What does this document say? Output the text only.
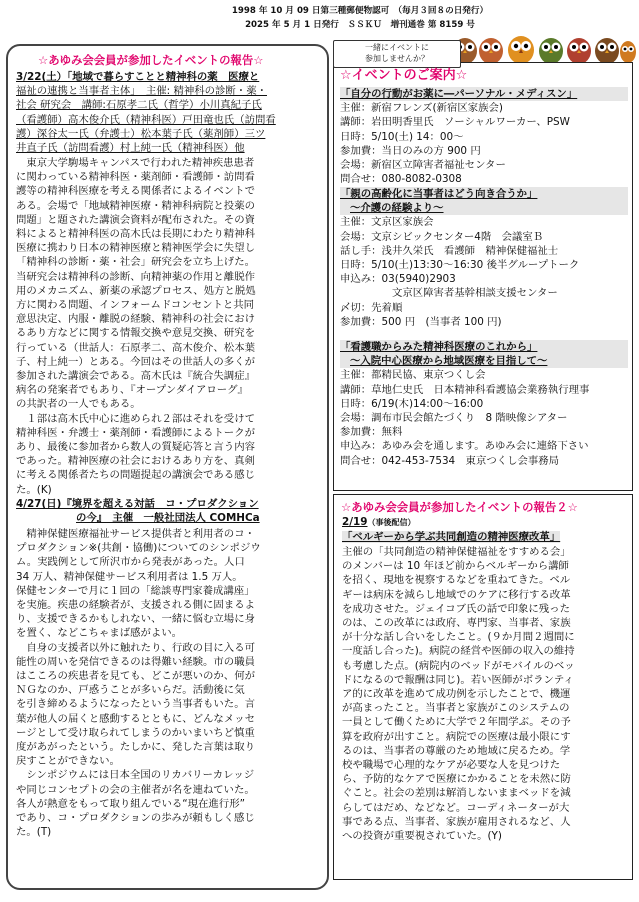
1998 年 10 月 09 日第三種郵便物認可　（毎月３回８の日発行）
2025 年 5 月 1 日発行　ＳＳＫＵ　増刊通巻 第 8159 号
☆あゆみ会会員が参加したイベントの報告☆
3/22(土）「地域で暮らすことと精神科の薬　医療と
福祉の連携と当事者主体」　主催: 精神科の診断・薬・
社会 研究会　講師:石原孝二氏（哲学）小川真紀子氏
（看護師）高木俊介氏（精神科医）戸田竜也氏（訪問看
護）深谷太一氏（弁護士）松本葉子氏（薬剤師）三ツ
井直子氏（訪問看護）村上純一氏（精神科医）他
　東京大学駒場キャンパスで行われた精神疾患患者
に関わっている精神科医・薬剤師・看護師・訪問看
護等の精神科医療を考える関係者によるイベントで
ある。会場で「地域精神医療・精神科病院と投薬の
問題」と題された講演会資料が配布された。その資
料によると精神科医の高木氏は長期にわたり精神科
医療に携わり日本の精神医療と精神医学会に失望し
「精神科の診断・薬・社会」研究会を立ち上げた。
当研究会は精神科の診断、向精神薬の作用と離脱作
用のメカニズム、新薬の承認プロセス、処方と脱処
方に関わる問題、インフォームドコンセントと共同
意思決定、内服・離脱の経験、精神科の社会におけ
るあり方などに関する情報交換や意見交換、研究を
行っている（世話人：石原孝二、高木俊介、松本葉
子、村上純一）とある。今回はその世話人の多くが
参加された講演会である。高木氏は『統合失調症』
病名の発案者でもあり、『オープンダイアローグ』
の共訳者の一人でもある。
　１部は高木氏中心に進められ２部はそれを受けて
精神科医・弁護士・薬剤師・看護師によるトークが
あり、最後に参加者から数人の質疑応答と言う内容
であった。精神医療の社会におけるあり方を、真剣
に考える関係者たちの問題提起の講演会である感じ
た。(K)
4/27(日)『境界を超える対話　コ・プロダクション
の今』　主催　一般社団法人 COMHCa
　精神保健医療福祉サービス提供者と利用者のコ・
プロダクション※(共創・協働)についてのシンポジウ
ム。実践例として所沢市から発表があった。人口
34 万人、精神保健サービス利用者は 1.5 万人。
保健センターで月に１回の「総談専門家養成講座」
を実施。疾患の経験者が、支援される側に固まるよ
り、支援できるかもしれない、一緒に悩む立場に身
を置く、などこちゃまば感がよい。
　自身の支援者以外に触れたり、行政の目に入る可
能性の周いを発信できるのは得難い経験。市の職員
はこころの疾患者を見ても、どこが悪いのか、何が
ＮＧなのか、戸惑うことが多いらだ。活動後に気
を引き締めるようになったという当事者もいた。言
葉が他人の届くと感動するとともに、どんなメッセ
ージとして受け取られてしまうのかいまいちど慎重
度があがったという。たしかに、発した言葉は取り
戻すことができない。
　シンポジウムには日本全国のリカバリーカレッジ
や同じコンセプトの会の主催者が名を連ねていた。
各人が熱意をもって取り組んでいる“現在進行形”
であり、コ・プロダクションの歩みが頼もしく感じ
た。(T)
一緒にイベントに
参加しませんか？
☆イベントのご案内☆
「自分の行動がお薬に―パーソナル・メディスン」
主催：新宿フレンズ(新宿区家族会)
講師：岩田明香里氏　ソーシャルワーカー、PSW
日時：5/10(土) 14：00～
参加費：当日のみの方 900 円
会場：新宿区立障害者福祉センター
問合せ：080-8082-0308
「親の高齢化に当事者はどう向き合うか」
～介護の経験より～
主催：文京区家族会
会場：文京シビックセンター4階　会議室Ｂ
話し手：浅井久栄氏　看護師　精神保健福祉士
日時：5/10(土)13:30～16:30 後半グループトーク
申込み：03(5940)2903
　　　　　文京区障害者基幹相談支援センター
〆切：先着順
参加費：500 円　(当事者 100 円)
「看護職からみた精神科医療のこれから」
～入院中心医療から地域医療を目指して～
主催：都精民協、東京つくし会
講師：草地仁史氏　日本精神科看護協会業務執行理事
日時：6/19(木)14:00～16:00
会場：調布市民会館たづくり　8 階映像シアター
参加費：無料
申込み：あゆみ会を通します。あゆみ会に連絡下さい
問合せ：042-453-7534　東京つくし会事務局
☆あゆみ会会員が参加したイベントの報告２☆
2/19（事後配信）
「ベルギーから学ぶ共同創造の精神医療改革」
主催の「共同創造の精神保健福祉をすすめる会」
のメンバーは 10 年ほど前からベルギーから講師
を招く、現地を視察するなどを重ねてきた。ベル
ギーは病床を減らし地域でのケアに移行する改革
を成功させた。ジェイコブ氏の話で印象に残った
のは、この改革には政府、専門家、当事者、家族
が十分な話し合いをしたこと。(９か月間２週間に
一度話し合った)。病院の経営や医師の収入の維持
も考慮した点。(病院内のベッドがモバイルのベッ
ドになるので報酬は同じ)。若い医師がボランティ
ア的に改革を進めて成功例を示したことで、機運
が高まったこと。当事者と家族がこのシステムの
一員として働くために大学で２年間学ぶ。その予
算を政府が出すこと。病院での医療は最小限にす
るのは、当事者の尊厳のため地域に戻るため。学
校や職場で心理的なケアが必要な人を見つけた
ら、予防的なケアで医療にかかることを未然に防
ぐこと。社会の差別は解消しないままベッドを減
らしてはだめ、などなど。コーディネーターが大
事である点、当事者、家族が雇用されるなど、人
への投資が重要視されていた。(Y)
